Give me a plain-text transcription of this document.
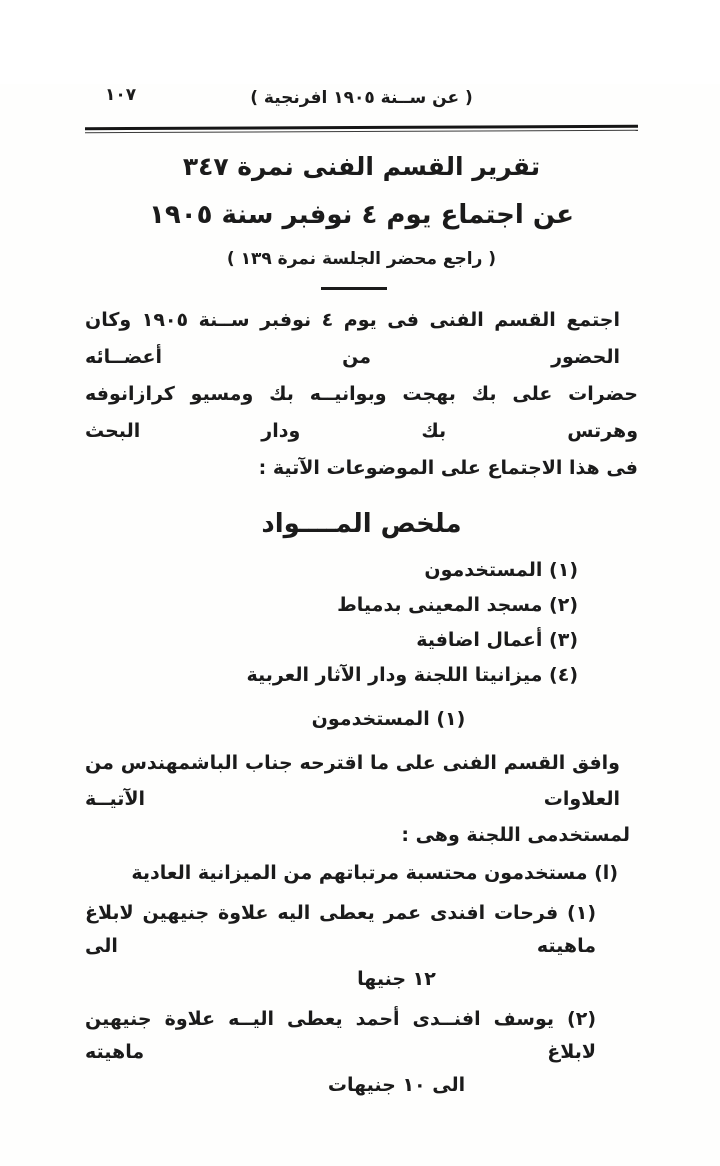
( عن ســنة ١٩٠٥ افرنجية )
١٠٧
تقرير القسم الفنى نمرة ٣٤٧
عن اجتماع يوم ٤ نوفبر سنة ١٩٠٥
( راجع محضر الجلسة نمرة ١٣٩ )
اجتمع القسم الفنى فى يوم ٤ نوفبر ســنة ١٩٠٥ وكان الحضور من أعضــائه
حضرات على بك بهجت وبوانيــه بك ومسيو كرازانوفه وهرتس بك ودار البحث
فى هذا الاجتماع على الموضوعات الآتية :
ملخص المــــواد
(١) المستخدمون
(٢) مسجد المعينى بدمياط
(٣) أعمال اضافية
(٤) ميزانيتا اللجنة ودار الآثار العربية
(١) المستخدمون
وافق القسم الفنى على ما اقترحه جناب الباشمهندس من العلاوات الآتيــة
لمستخدمى اللجنة وهى :
(ا) مستخدمون محتسبة مرتباتهم من الميزانية العادية
(١) فرحات افندى عمر يعطى اليه علاوة جنيهين لابلاغ ماهيته الى
١٢ جنيها
(٢) يوسف افنــدى أحمد يعطى اليــه علاوة جنيهين لابلاغ ماهيته
الى ١٠ جنيهات
